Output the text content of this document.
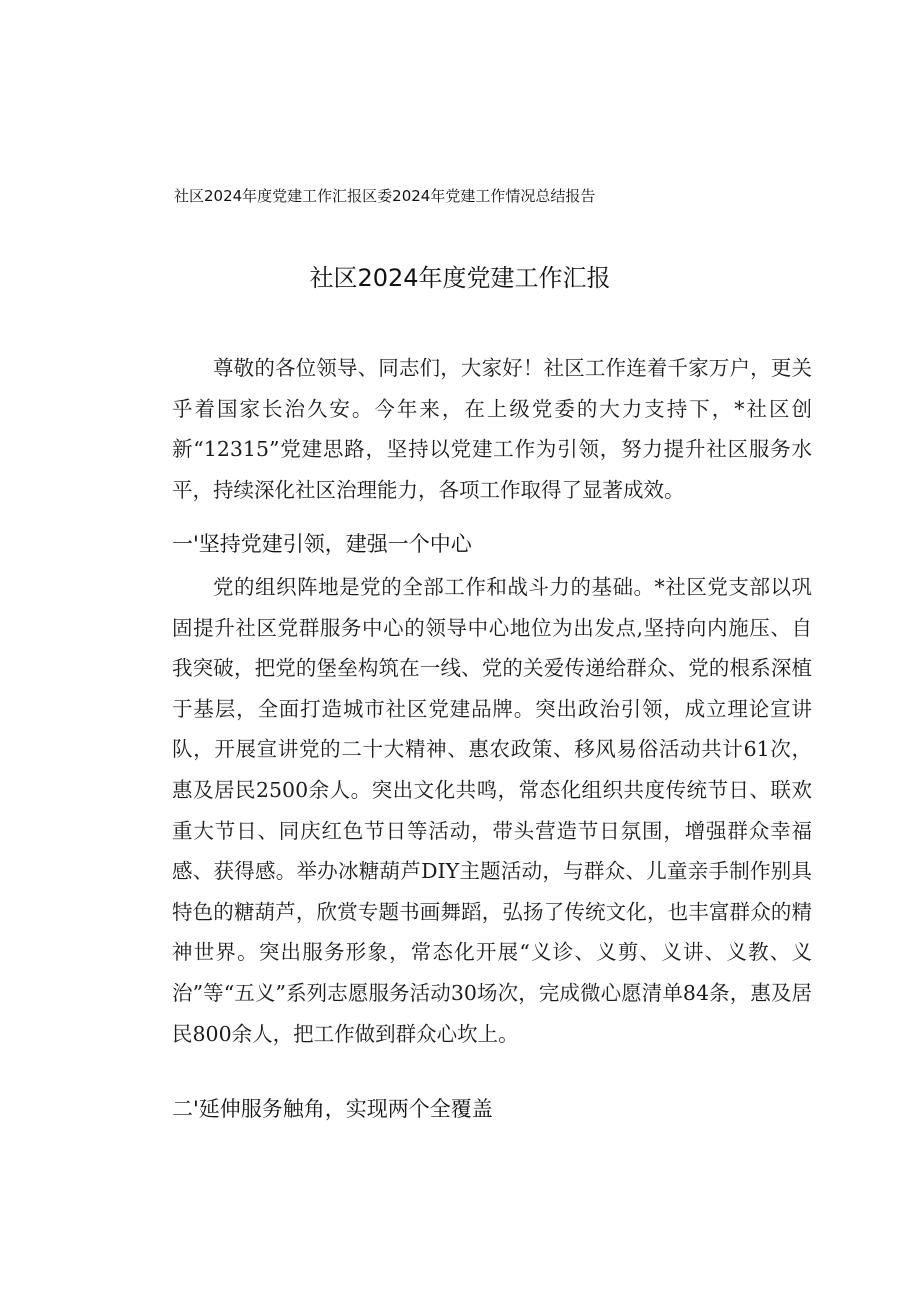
社区2024年度党建工作汇报区委2024年党建工作情况总结报告
社区2024年度党建工作汇报

尊敬的各位领导、同志们，大家好！社区工作连着千家万户，更关乎着国家长治久安。今年来，在上级党委的大力支持下，*社区创新“12315”党建思路，坚持以党建工作为引领，努力提升社区服务水平，持续深化社区治理能力，各项工作取得了显著成效。

一'坚持党建引领，建强一个中心

党的组织阵地是党的全部工作和战斗力的基础。*社区党支部以巩固提升社区党群服务中心的领导中心地位为出发点,坚持向内施压、自我突破，把党的堡垒构筑在一线、党的关爱传递给群众、党的根系深植于基层，全面打造城市社区党建品牌。突出政治引领，成立理论宣讲队，开展宣讲党的二十大精神、惠农政策、移风易俗活动共计61次，惠及居民2500余人。突出文化共鸣，常态化组织共度传统节日、联欢重大节日、同庆红色节日等活动，带头营造节日氛围，增强群众幸福感、获得感。举办冰糖葫芦DIY主题活动，与群众、儿童亲手制作别具特色的糖葫芦，欣赏专题书画舞蹈，弘扬了传统文化，也丰富群众的精神世界。突出服务形象，常态化开展“义诊、义剪、义讲、义教、义治”等“五义”系列志愿服务活动30场次，完成微心愿清单84条，惠及居民800余人，把工作做到群众心坎上。

二'延伸服务触角，实现两个全覆盖
